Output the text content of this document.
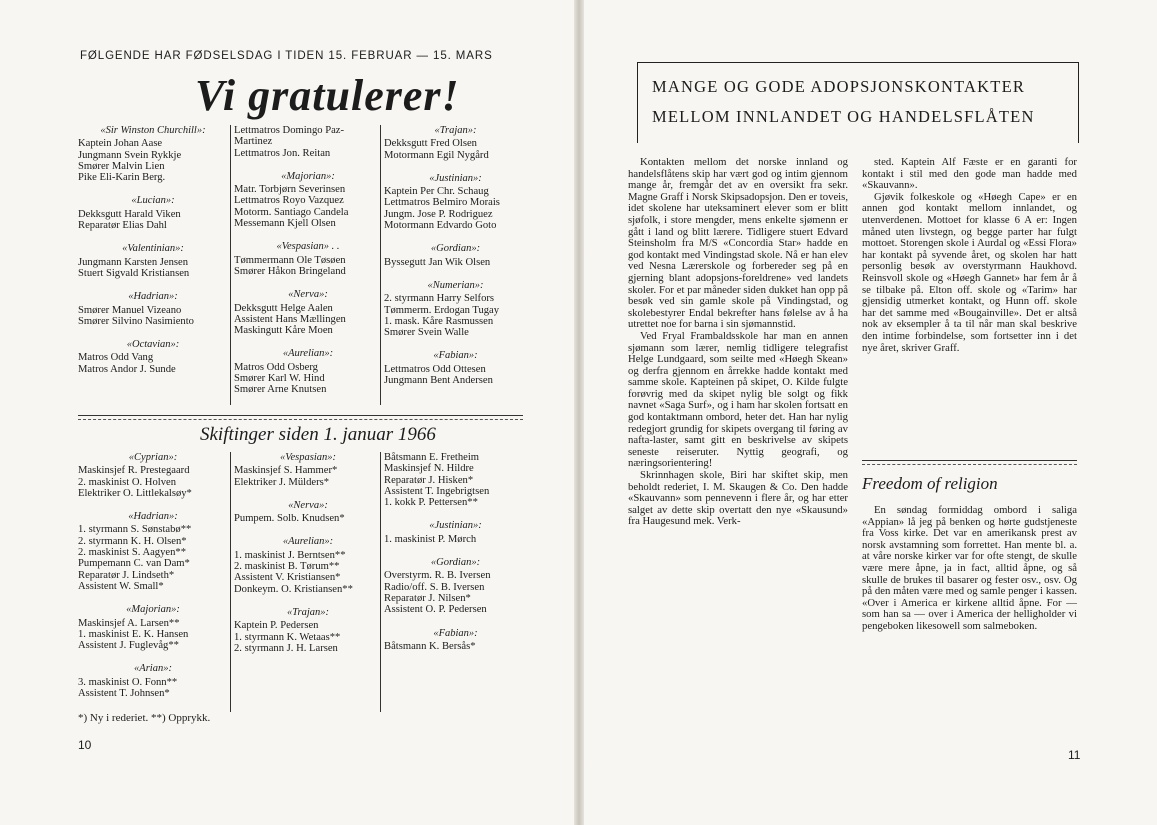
FØLGENDE HAR FØDSELSDAG I TIDEN 15. FEBRUAR — 15. MARS
Vi gratulerer!
«Sir Winston Churchill»:
Kaptein Johan Aase
Jungmann Svein Rykkje
Smører Malvin Lien
Pike Eli-Karin Berg.
«Lucian»:
Dekksgutt Harald Viken
Reparatør Elias Dahl
«Valentinian»:
Jungmann Karsten Jensen
Stuert Sigvald Kristiansen
«Hadrian»:
Smører Manuel Vizeano
Smører Silvino Nasimiento
«Octavian»:
Matros Odd Vang
Matros Andor J. Sunde
Lettmatros Domingo Paz-
Martinez
Lettmatros Jon. Reitan
«Majorian»:
Matr. Torbjørn Severinsen
Lettmatros Royo Vazquez
Motorm. Santiago Candela
Messemann Kjell Olsen
«Vespasian» . .
Tømmermann Ole Tøsøen
Smører Håkon Bringeland
«Nerva»:
Dekksgutt Helge Aalen
Assistent Hans Mællingen
Maskingutt Kåre Moen
«Aurelian»:
Matros Odd Osberg
Smører Karl W. Hind
Smører Arne Knutsen
«Trajan»:
Dekksgutt Fred Olsen
Motormann Egil Nygård
«Justinian»:
Kaptein Per Chr. Schaug
Lettmatros Belmiro Morais
Jungm. Jose P. Rodriguez
Motormann Edvardo Goto
«Gordian»:
Byssegutt Jan Wik Olsen
«Numerian»:
2. styrmann Harry Selfors
Tømmerm. Erdogan Tugay
1. mask. Kåre Rasmussen
Smører Svein Walle
«Fabian»:
Lettmatros Odd Ottesen
Jungmann Bent Andersen
Skiftinger siden 1. januar 1966
«Cyprian»:
Maskinsjef R. Prestegaard
2. maskinist O. Holven
Elektriker O. Littlekalsøy*
«Hadrian»:
1. styrmann S. Sønstabø**
2. styrmann K. H. Olsen*
2. maskinist S. Aagyen**
Pumpemann C. van Dam*
Reparatør J. Lindseth*
Assistent W. Small*
«Majorian»:
Maskinsjef A. Larsen**
1. maskinist E. K. Hansen
Assistent J. Fuglevåg**
«Arian»:
3. maskinist O. Fonn**
Assistent T. Johnsen*
«Vespasian»:
Maskinsjef S. Hammer*
Elektriker J. Mülders*
«Nerva»:
Pumpem. Solb. Knudsen*
«Aurelian»:
1. maskinist J. Berntsen**
2. maskinist B. Tørum**
Assistent V. Kristiansen*
Donkeym. O. Kristiansen**
«Trajan»:
Kaptein P. Pedersen
1. styrmann K. Wetaas**
2. styrmann J. H. Larsen
Båtsmann E. Fretheim
Maskinsjef N. Hildre
Reparatør J. Hisken*
Assistent T. Ingebrigtsen
1. kokk P. Pettersen**
«Justinian»:
1. maskinist P. Mørch
«Gordian»:
Overstyrm. R. B. Iversen
Radio/off. S. B. Iversen
Reparatør J. Nilsen*
Assistent O. P. Pedersen
«Fabian»:
Båtsmann K. Bersås*
*) Ny i rederiet. **) Opprykk.
10
MANGE OG GODE ADOPSJONSKONTAKTER
MELLOM INNLANDET OG HANDELSFLÅTEN

Kontakten mellom det norske innland og handelsflåtens skip har vært god og intim gjennom mange år, fremgår det av en oversikt fra sekr. Magne Graff i Norsk Skipsadopsjon. Den er toveis, idet skolene har uteksaminert elever som er blitt sjøfolk, i store mengder, mens enkelte sjømenn er gått i land og blitt lærere. Tidligere stuert Edvard Steinsholm fra M/S «Concordia Star» hadde en god kontakt med Vindingstad skole. Nå er han elev ved Nesna Lærerskole og forbereder seg på en gjerning blant adopsjons-foreldrene» ved landets skoler. For et par måneder siden dukket han opp på besøk ved sin gamle skole på Vindingstad, og skolebestyrer Endal bekrefter hans følelse av å ha utrettet noe for barna i sin sjømannstid.

Ved Fryal Frambaldsskole har man en annen sjømann som lærer, nemlig tidligere telegrafist Helge Lundgaard, som seilte med «Høegh Skean» og derfra gjennom en årrekke hadde kontakt med samme skole. Kapteinen på skipet, O. Kilde fulgte forøvrig med da skipet nylig ble solgt og fikk navnet «Saga Surf», og i ham har skolen fortsatt en god kontaktmann ombord, heter det. Han har nylig redegjort grundig for skipets overgang til føring av nafta-laster, samt gitt en beskrivelse av skipets seneste reiseruter. Nyttig geografi, og næringsorientering!

Skrinnhagen skole, Biri har skiftet skip, men beholdt rederiet, I. M. Skaugen & Co. Den hadde «Skauvann» som pennevenn i flere år, og har etter salget av dette skip overtatt den nye «Skausund» fra Haugesund mek. Verk-

sted. Kaptein Alf Fæste er en garanti for kontakt i stil med den gode man hadde med «Skauvann».

Gjøvik folkeskole og «Høegh Cape» er en annen god kontakt mellom innlandet, og utenverdenen. Mottoet for klasse 6 A er: Ingen måned uten livstegn, og begge parter har fulgt mottoet. Storengen skole i Aurdal og «Essi Flora» har kontakt på syvende året, og skolen har hatt personlig besøk av overstyrmann Haukhovd. Reinsvoll skole og «Høegh Gannet» har fem år å se tilbake på. Elton off. skole og «Tarim» har gjensidig utmerket kontakt, og Hunn off. skole har det samme med «Bougainville». Det er altså nok av eksempler å ta til når man skal beskrive den intime forbindelse, som fortsetter inn i det nye året, skriver Graff.

Freedom of religion

En søndag formiddag ombord i saliga «Appian» lå jeg på benken og hørte gudstjeneste fra Voss kirke. Det var en amerikansk prest av norsk avstamning som forrettet. Han mente bl. a. at våre norske kirker var for ofte stengt, de skulle være mere åpne, ja in fact, alltid åpne, og så skulle de brukes til basarer og fester osv., osv. Og på den måten være med og samle penger i kassen. «Over i America er kirkene alltid åpne. For — som han sa — over i America der helligholder vi pengeboken likesowell som salmeboken.

11
